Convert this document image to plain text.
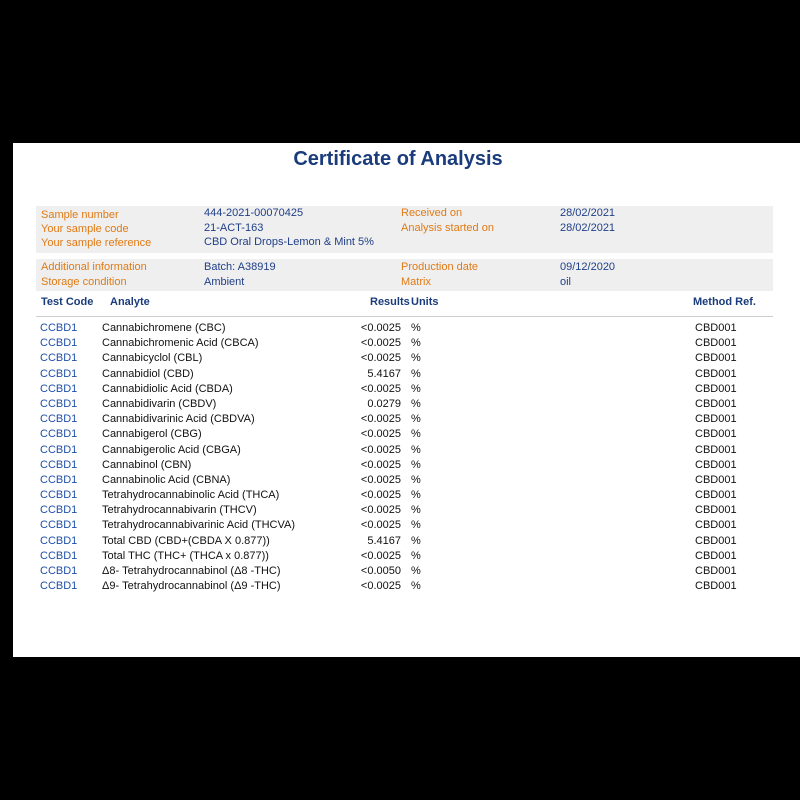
Certificate of Analysis
Sample number	444-2021-00070425	Received on	28/02/2021
Your sample code	21-ACT-163	Analysis started on	28/02/2021
Your sample reference	CBD Oral Drops-Lemon & Mint 5%
Additional information	Batch: A38919	Production date	09/12/2020
Storage condition	Ambient	Matrix	oil
Test Code Analyte	Results Units	Method Ref.
CCBD1 Cannabichromene (CBC)	<0.0025 %	CBD001
CCBD1 Cannabichromenic Acid (CBCA)	<0.0025 %	CBD001
CCBD1 Cannabicyclol (CBL)	<0.0025 %	CBD001
CCBD1 Cannabidiol (CBD)	5.4167 %	CBD001
CCBD1 Cannabidiolic Acid (CBDA)	<0.0025 %	CBD001
CCBD1 Cannabidivarin (CBDV)	0.0279 %	CBD001
CCBD1 Cannabidivarinic Acid (CBDVA)	<0.0025 %	CBD001
CCBD1 Cannabigerol (CBG)	<0.0025 %	CBD001
CCBD1 Cannabigerolic Acid (CBGA)	<0.0025 %	CBD001
CCBD1 Cannabinol (CBN)	<0.0025 %	CBD001
CCBD1 Cannabinolic Acid (CBNA)	<0.0025 %	CBD001
CCBD1 Tetrahydrocannabinolic Acid (THCA)	<0.0025 %	CBD001
CCBD1 Tetrahydrocannabivarin (THCV)	<0.0025 %	CBD001
CCBD1 Tetrahydrocannabivarinic Acid (THCVA)	<0.0025 %	CBD001
CCBD1 Total CBD (CBD+(CBDA X 0.877))	5.4167 %	CBD001
CCBD1 Total THC (THC+ (THCA x 0.877))	<0.0025 %	CBD001
CCBD1 Δ8- Tetrahydrocannabinol (Δ8 -THC)	<0.0050 %	CBD001
CCBD1 Δ9- Tetrahydrocannabinol (Δ9 -THC)	<0.0025 %	CBD001
